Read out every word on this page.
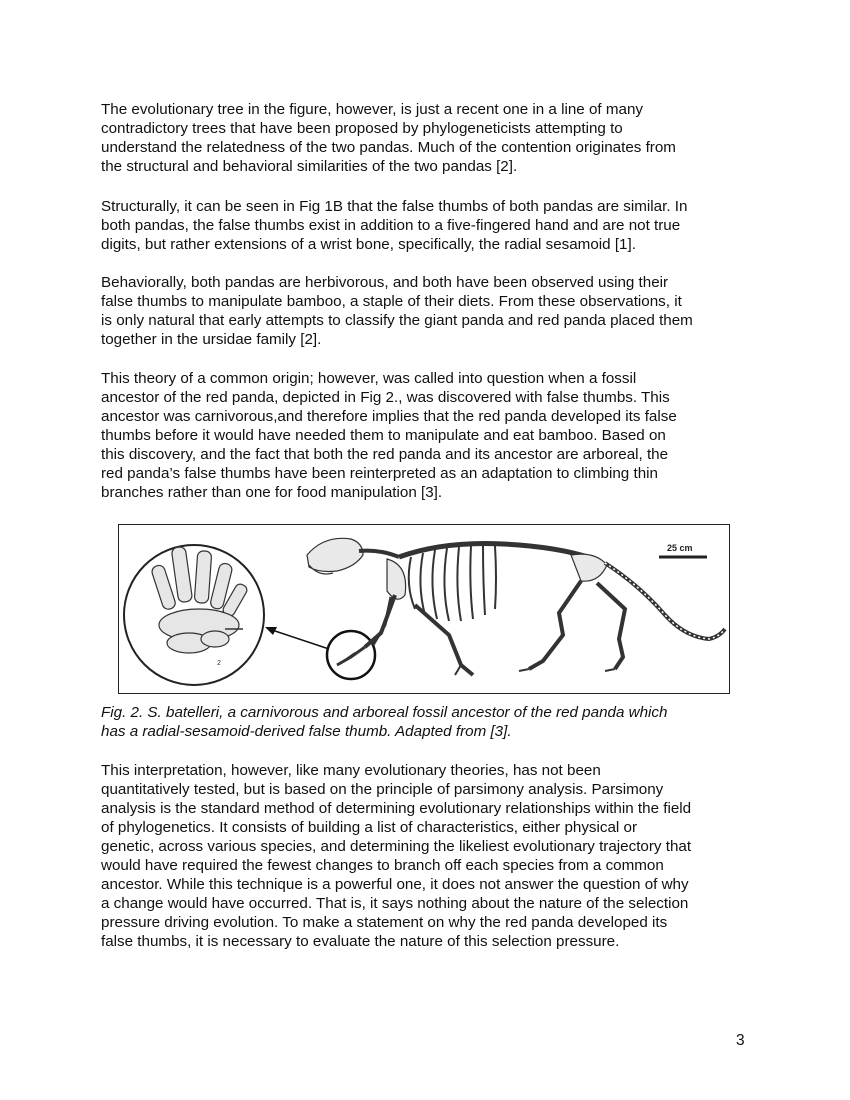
The evolutionary tree in the figure, however, is just a recent one in a line of many
contradictory trees that have been proposed by phylogeneticists attempting to
understand the relatedness of the two pandas. Much of the contention originates from
the structural and behavioral similarities of the two pandas [2].

Structurally, it can be seen in Fig 1B that the false thumbs of both pandas are similar. In
both pandas, the false thumbs exist in addition to a five-fingered hand and are not true
digits, but rather extensions of a wrist bone, specifically, the radial sesamoid [1].

Behaviorally, both pandas are herbivorous, and both have been observed using their
false thumbs to manipulate bamboo, a staple of their diets. From these observations, it
is only natural that early attempts to classify the giant panda and red panda placed them
together in the ursidae family [2].

This theory of a common origin; however, was called into question when a fossil
ancestor of the red panda, depicted in Fig 2., was discovered with false thumbs. This
ancestor was carnivorous,and therefore implies that the red panda developed its false
thumbs before it would have needed them to manipulate and eat bamboo. Based on
this discovery, and the fact that both the red panda and its ancestor are arboreal, the
red panda’s false thumbs have been reinterpreted as an adaptation to climbing thin
branches rather than one for food manipulation [3].

2
25 cm

Fig. 2. S. batelleri, a carnivorous and arboreal fossil ancestor of the red panda which
has a radial-sesamoid-derived false thumb. Adapted from [3].

This interpretation, however, like many evolutionary theories, has not been
quantitatively tested, but is based on the principle of parsimony analysis. Parsimony
analysis is the standard method of determining evolutionary relationships within the field
of phylogenetics. It consists of building a list of characteristics, either physical or
genetic, across various species, and determining the likeliest evolutionary trajectory that
would have required the fewest changes to branch off each species from a common
ancestor. While this technique is a powerful one, it does not answer the question of why
a change would have occurred. That is, it says nothing about the nature of the selection
pressure driving evolution. To make a statement on why the red panda developed its
false thumbs, it is necessary to evaluate the nature of this selection pressure.

3
